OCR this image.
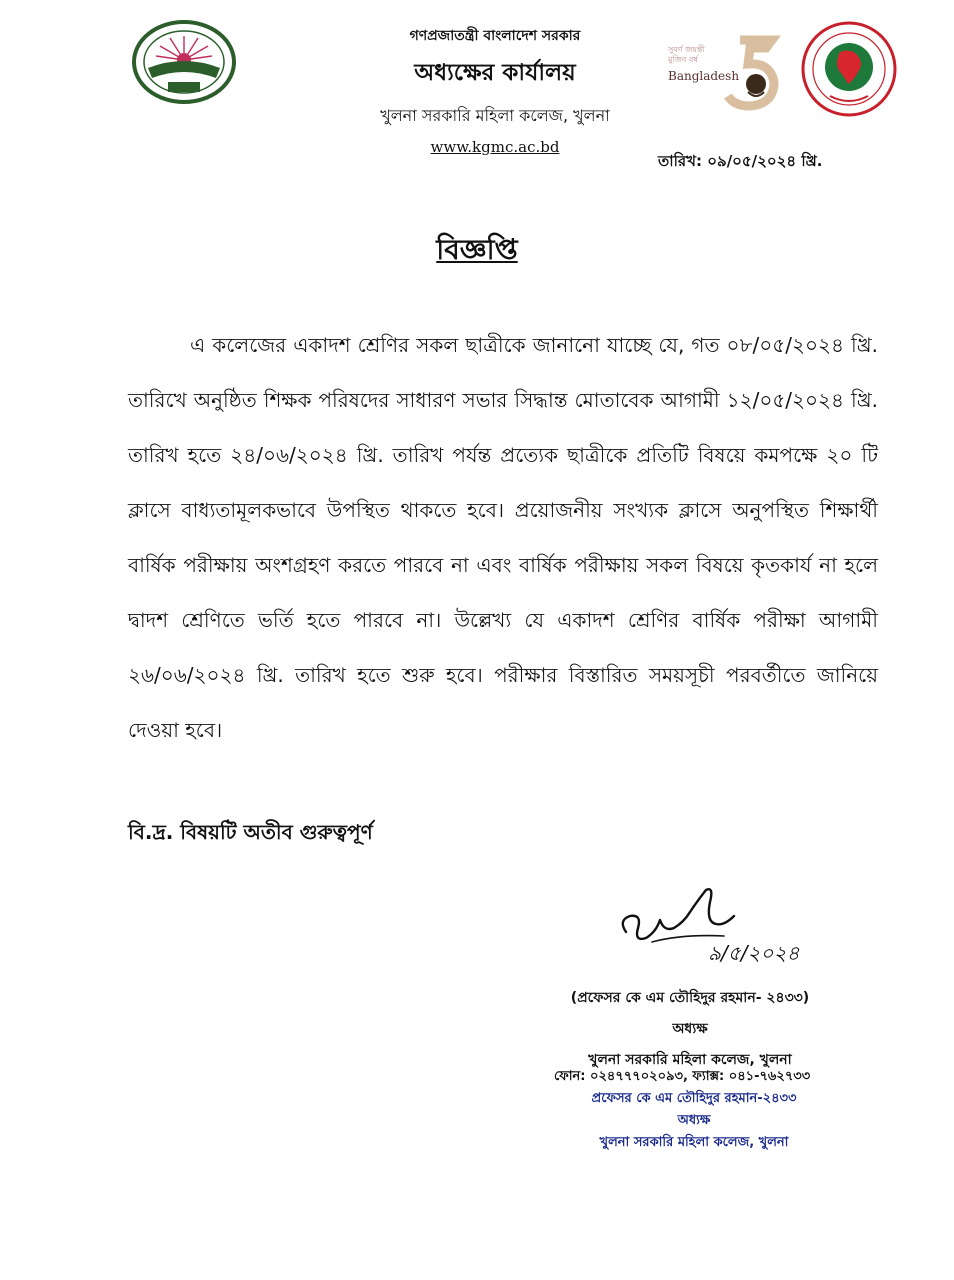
গণপ্রজাতন্ত্রী বাংলাদেশ সরকার
অধ্যক্ষের কার্যালয়
খুলনা সরকারি মহিলা কলেজ, খুলনা
www.kgmc.ac.bd
সুবর্ণ জয়ন্তী
মুজিব বর্ষ
Bangladesh
তারিখ: ০৯/০৫/২০২৪ খ্রি.
বিজ্ঞপ্তি

এ কলেজের একাদশ শ্রেণির সকল ছাত্রীকে জানানো যাচ্ছে যে, গত ০৮/০৫/২০২৪ খ্রি. তারিখে অনুষ্ঠিত শিক্ষক পরিষদের সাধারণ সভার সিদ্ধান্ত মোতাবেক আগামী ১২/০৫/২০২৪ খ্রি. তারিখ হতে ২৪/০৬/২০২৪ খ্রি. তারিখ পর্যন্ত প্রত্যেক ছাত্রীকে প্রতিটি বিষয়ে কমপক্ষে ২০ টি ক্লাসে বাধ্যতামূলকভাবে উপস্থিত থাকতে হবে। প্রয়োজনীয় সংখ্যক ক্লাসে অনুপস্থিত শিক্ষার্থী বার্ষিক পরীক্ষায় অংশগ্রহণ করতে পারবে না এবং বার্ষিক পরীক্ষায় সকল বিষয়ে কৃতকার্য না হলে দ্বাদশ শ্রেণিতে ভর্তি হতে পারবে না। উল্লেখ্য যে একাদশ শ্রেণির বার্ষিক পরীক্ষা আগামী ২৬/০৬/২০২৪ খ্রি. তারিখ হতে শুরু হবে। পরীক্ষার বিস্তারিত সময়সূচী পরবর্তীতে জানিয়ে দেওয়া হবে।

বি.দ্র. বিষয়টি অতীব গুরুত্বপূর্ণ
৯/৫/২০২৪
(প্রফেসর কে এম তৌহিদুর রহমান- ২৪৩৩)
অধ্যক্ষ
খুলনা সরকারি মহিলা কলেজ, খুলনা
ফোন: ০২৪৭৭৭০২০৯৩, ফ্যাক্স: ০৪১-৭৬২৭৩৩
প্রফেসর কে এম তৌহিদুর রহমান-২৪৩৩
অধ্যক্ষ
খুলনা সরকারি মহিলা কলেজ, খুলনা
